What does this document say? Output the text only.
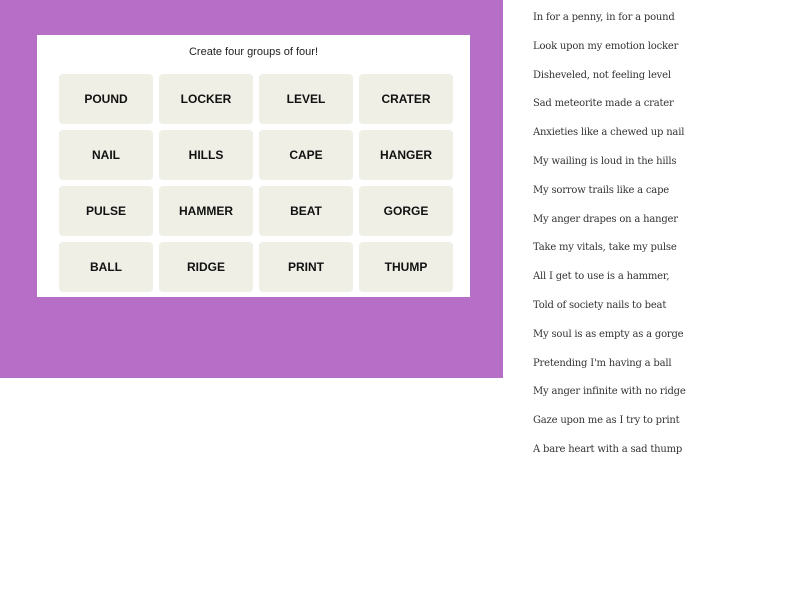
Create four groups of four!
POUND	LOCKER	LEVEL	CRATER
NAIL	HILLS	CAPE	HANGER
PULSE	HAMMER	BEAT	GORGE
BALL	RIDGE	PRINT	THUMP
In for a penny, in for a pound
Look upon my emotion locker
Disheveled, not feeling level
Sad meteorite made a crater
Anxieties like a chewed up nail
My wailing is loud in the hills
My sorrow trails like a cape
My anger drapes on a hanger
Take my vitals, take my pulse
All I get to use is a hammer,
Told of society nails to beat
My soul is as empty as a gorge
Pretending I'm having a ball
My anger infinite with no ridge
Gaze upon me as I try to print
A bare heart with a sad thump
